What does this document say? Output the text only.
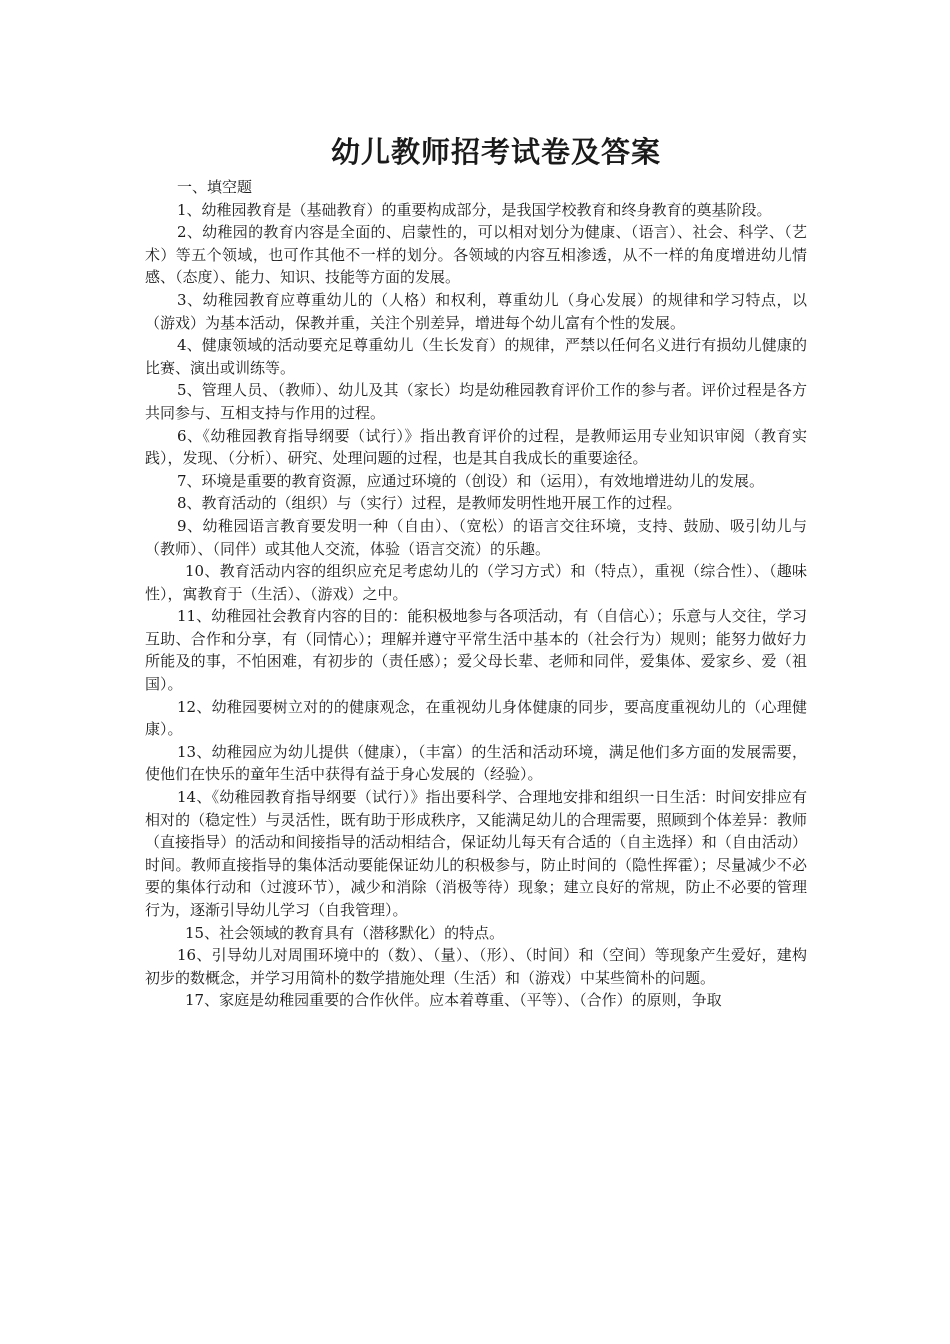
幼儿教师招考试卷及答案

一、填空题

1、幼稚园教育是（基础教育）的重要构成部分，是我国学校教育和终身教育的奠基阶段。

2、幼稚园的教育内容是全面的、启蒙性的，可以相对划分为健康、（语言）、社会、科学、（艺术）等五个领域，也可作其他不一样的划分。各领域的内容互相渗透，从不一样的角度增进幼儿情感、（态度）、能力、知识、技能等方面的发展。

3、幼稚园教育应尊重幼儿的（人格）和权利，尊重幼儿（身心发展）的规律和学习特点，以（游戏）为基本活动，保教并重，关注个别差异，增进每个幼儿富有个性的发展。

4、健康领域的活动要充足尊重幼儿（生长发育）的规律，严禁以任何名义进行有损幼儿健康的比赛、演出或训练等。

5、管理人员、（教师）、幼儿及其（家长）均是幼稚园教育评价工作的参与者。评价过程是各方共同参与、互相支持与作用的过程。

6、《幼稚园教育指导纲要（试行）》指出教育评价的过程，是教师运用专业知识审阅（教育实践），发现、（分析）、研究、处理问题的过程，也是其自我成长的重要途径。

7、环境是重要的教育资源，应通过环境的（创设）和（运用），有效地增进幼儿的发展。

8、教育活动的（组织）与（实行）过程，是教师发明性地开展工作的过程。

9、幼稚园语言教育要发明一种（自由）、（宽松）的语言交往环境，支持、鼓励、吸引幼儿与（教师）、（同伴）或其他人交流，体验（语言交流）的乐趣。

10、教育活动内容的组织应充足考虑幼儿的（学习方式）和（特点），重视（综合性）、（趣味性），寓教育于（生活）、（游戏）之中。

11、幼稚园社会教育内容的目的：能积极地参与各项活动，有（自信心）；乐意与人交往，学习互助、合作和分享，有（同情心）；理解并遵守平常生活中基本的（社会行为）规则；能努力做好力所能及的事，不怕困难，有初步的（责任感）；爱父母长辈、老师和同伴，爱集体、爱家乡、爱（祖国）。

12、幼稚园要树立对的的健康观念，在重视幼儿身体健康的同步，要高度重视幼儿的（心理健康）。

13、幼稚园应为幼儿提供（健康），（丰富）的生活和活动环境，满足他们多方面的发展需要，使他们在快乐的童年生活中获得有益于身心发展的（经验）。

14、《幼稚园教育指导纲要（试行）》指出要科学、合理地安排和组织一日生活：时间安排应有相对的（稳定性）与灵活性，既有助于形成秩序，又能满足幼儿的合理需要，照顾到个体差异：教师（直接指导）的活动和间接指导的活动相结合，保证幼儿每天有合适的（自主选择）和（自由活动）时间。教师直接指导的集体活动要能保证幼儿的积极参与，防止时间的（隐性挥霍）；尽量减少不必要的集体行动和（过渡环节），减少和消除（消极等待）现象；建立良好的常规，防止不必要的管理行为，逐渐引导幼儿学习（自我管理）。

15、社会领域的教育具有（潜移默化）的特点。

16、引导幼儿对周围环境中的（数）、（量）、（形）、（时间）和（空间）等现象产生爱好，建构初步的数概念，并学习用简朴的数学措施处理（生活）和（游戏）中某些简朴的问题。

17、家庭是幼稚园重要的合作伙伴。应本着尊重、（平等）、（合作）的原则，争取
